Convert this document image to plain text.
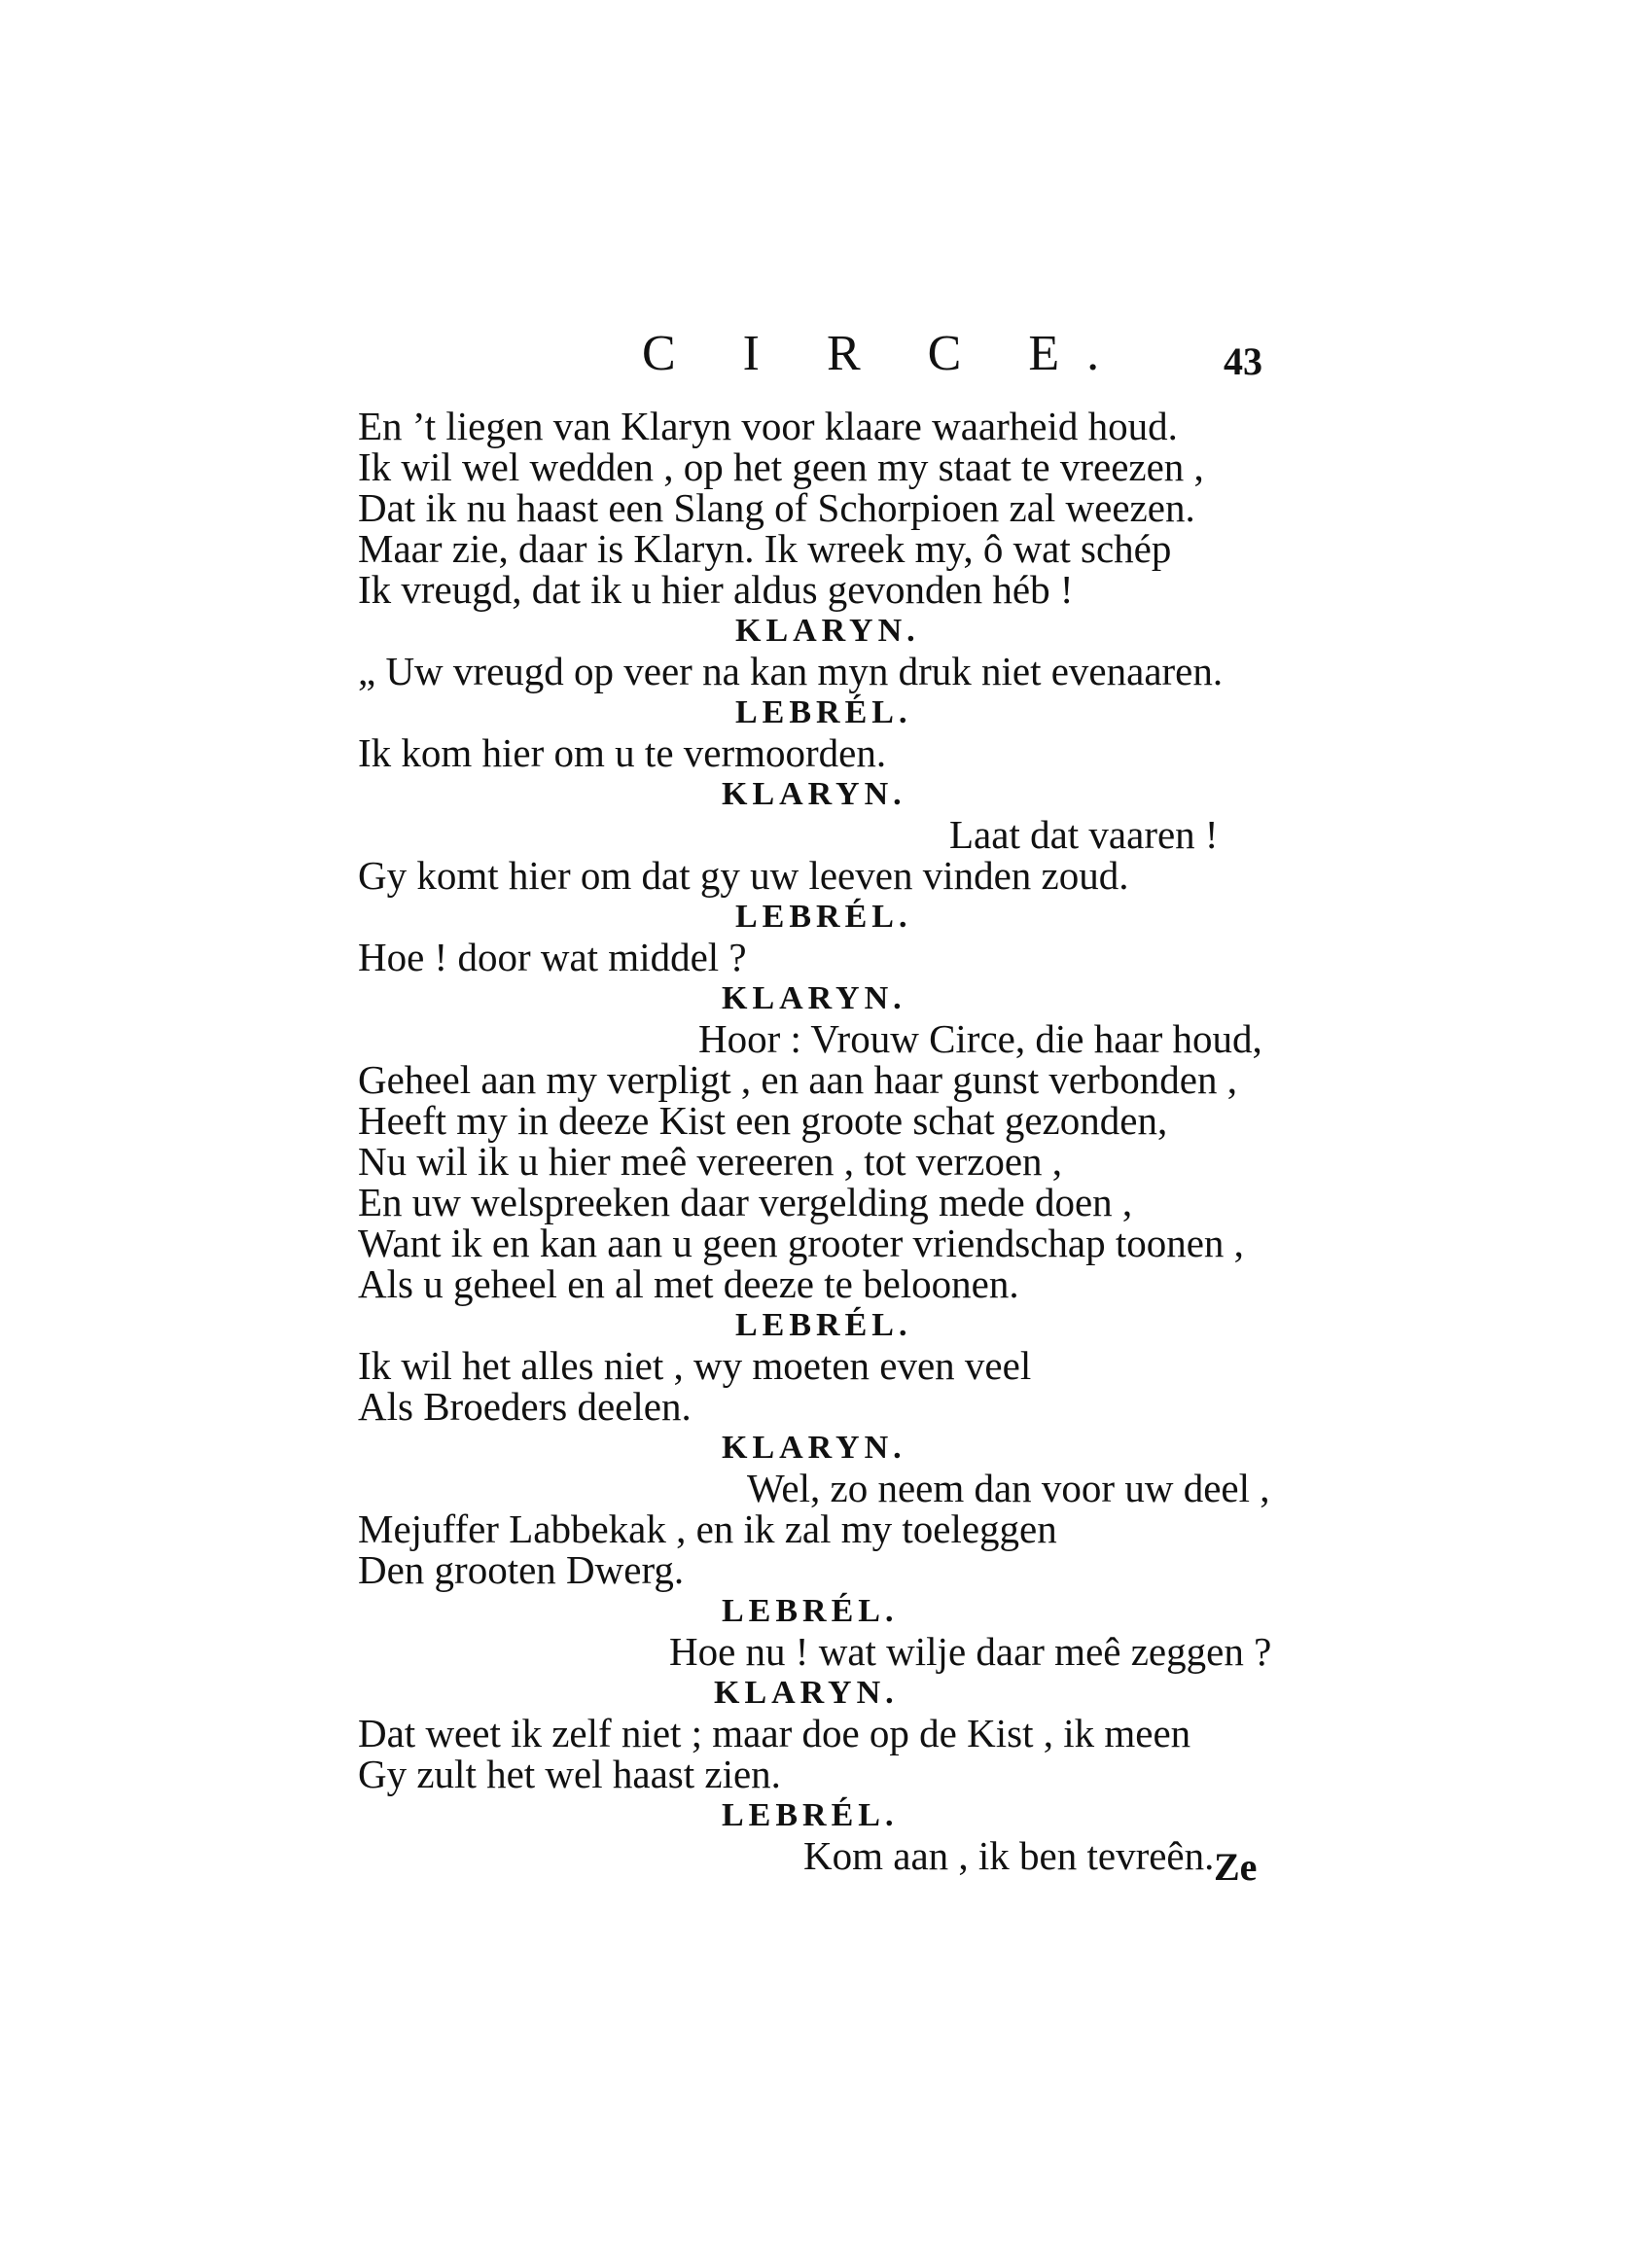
C I R C E. 43
En ’t liegen van Klaryn voor klaare waarheid houd.
Ik wil wel wedden , op het geen my staat te vreezen ,
Dat ik nu haast een Slang of Schorpioen zal weezen.
Maar zie, daar is Klaryn. Ik wreek my, ô wat schép
Ik vreugd, dat ik u hier aldus gevonden héb !
KLARYN.
„ Uw vreugd op veer na kan myn druk niet evenaaren.
LEBRÉL.
Ik kom hier om u te vermoorden.
KLARYN.
Laat dat vaaren !
Gy komt hier om dat gy uw leeven vinden zoud.
LEBRÉL.
Hoe ! door wat middel ?
KLARYN.
Hoor : Vrouw Circe, die haar houd,
Geheel aan my verpligt , en aan haar gunst verbonden ,
Heeft my in deeze Kist een groote schat gezonden,
Nu wil ik u hier meê vereeren , tot verzoen ,
En uw welspreeken daar vergelding mede doen ,
Want ik en kan aan u geen grooter vriendschap toonen ,
Als u geheel en al met deeze te beloonen.
LEBRÉL.
Ik wil het alles niet , wy moeten even veel
Als Broeders deelen.
KLARYN.
Wel, zo neem dan voor uw deel ,
Mejuffer Labbekak , en ik zal my toeleggen
Den grooten Dwerg.
LEBRÉL.
Hoe nu ! wat wilje daar meê zeggen ?
KLARYN.
Dat weet ik zelf niet ; maar doe op de Kist , ik meen
Gy zult het wel haast zien.
LEBRÉL.
Kom aan , ik ben tevreên. Ze
